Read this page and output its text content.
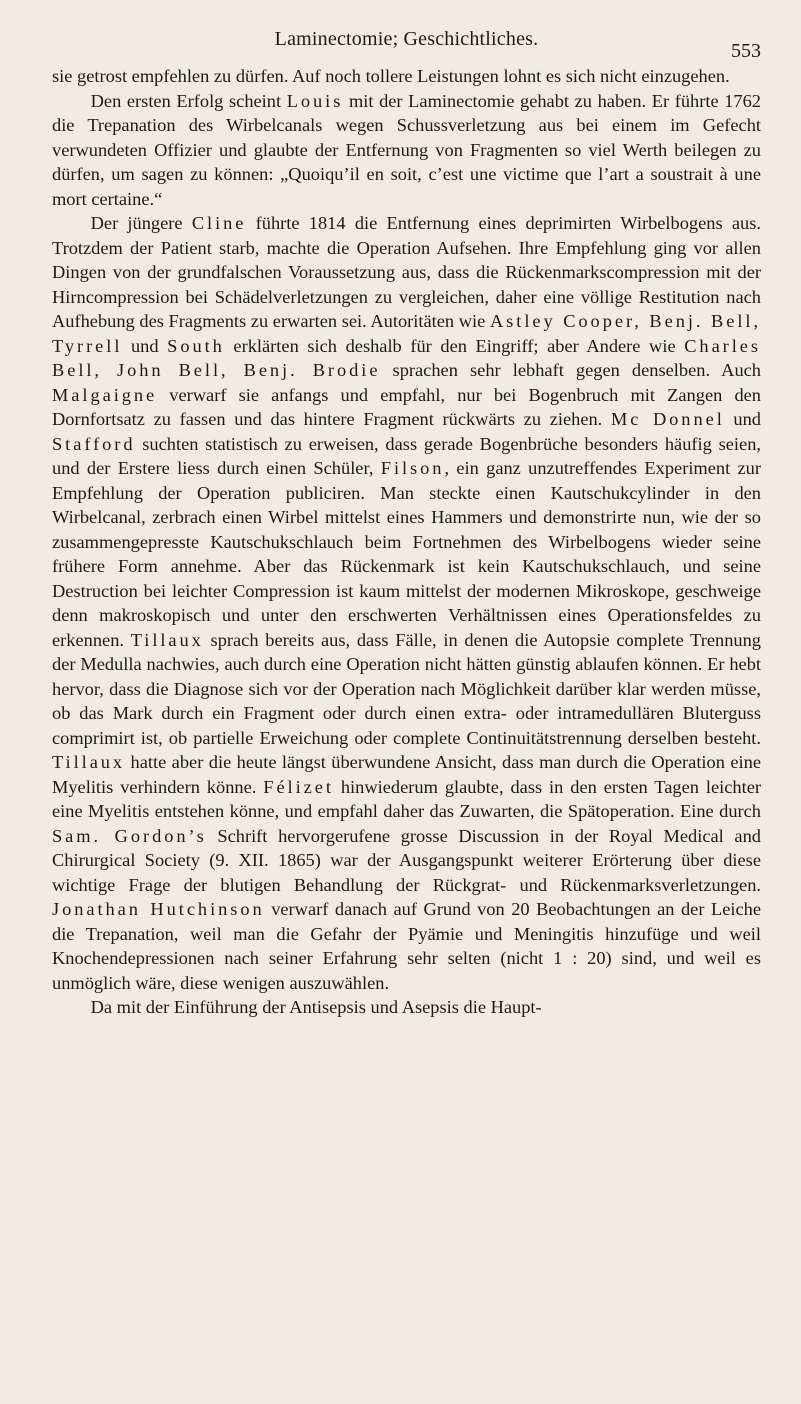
Laminectomie; Geschichtliches.
553

sie getrost empfehlen zu dürfen. Auf noch tollere Leistungen lohnt es sich nicht einzugehen.

Den ersten Erfolg scheint Louis mit der Laminectomie gehabt zu haben. Er führte 1762 die Trepanation des Wirbelcanals wegen Schussverletzung aus bei einem im Gefecht verwundeten Offizier und glaubte der Entfernung von Fragmenten so viel Werth beilegen zu dürfen, um sagen zu können: „Quoiqu’il en soit, c’est une victime que l’art a soustrait à une mort certaine.“

Der jüngere Cline führte 1814 die Entfernung eines deprimirten Wirbelbogens aus. Trotzdem der Patient starb, machte die Operation Aufsehen. Ihre Empfehlung ging vor allen Dingen von der grundfalschen Voraussetzung aus, dass die Rückenmarkscompression mit der Hirncompression bei Schädelverletzungen zu vergleichen, daher eine völlige Restitution nach Aufhebung des Fragments zu erwarten sei. Autoritäten wie Astley Cooper, Benj. Bell, Tyrrell und South erklärten sich deshalb für den Eingriff; aber Andere wie Charles Bell, John Bell, Benj. Brodie sprachen sehr lebhaft gegen denselben. Auch Malgaigne verwarf sie anfangs und empfahl, nur bei Bogenbruch mit Zangen den Dornfortsatz zu fassen und das hintere Fragment rückwärts zu ziehen. Mc Donnel und Stafford suchten statistisch zu erweisen, dass gerade Bogenbrüche besonders häufig seien, und der Erstere liess durch einen Schüler, Filson, ein ganz unzutreffendes Experiment zur Empfehlung der Operation publiciren. Man steckte einen Kautschukcylinder in den Wirbelcanal, zerbrach einen Wirbel mittelst eines Hammers und demonstrirte nun, wie der so zusammengepresste Kautschukschlauch beim Fortnehmen des Wirbelbogens wieder seine frühere Form annehme. Aber das Rückenmark ist kein Kautschukschlauch, und seine Destruction bei leichter Compression ist kaum mittelst der modernen Mikroskope, geschweige denn makroskopisch und unter den erschwerten Verhältnissen eines Operationsfeldes zu erkennen. Tillaux sprach bereits aus, dass Fälle, in denen die Autopsie complete Trennung der Medulla nachwies, auch durch eine Operation nicht hätten günstig ablaufen können. Er hebt hervor, dass die Diagnose sich vor der Operation nach Möglichkeit darüber klar werden müsse, ob das Mark durch ein Fragment oder durch einen extra- oder intramedullären Bluterguss comprimirt ist, ob partielle Erweichung oder complete Continuitätstrennung derselben besteht. Tillaux hatte aber die heute längst überwundene Ansicht, dass man durch die Operation eine Myelitis verhindern könne. Félizet hinwiederum glaubte, dass in den ersten Tagen leichter eine Myelitis entstehen könne, und empfahl daher das Zuwarten, die Spätoperation. Eine durch Sam. Gordon’s Schrift hervorgerufene grosse Discussion in der Royal Medical and Chirurgical Society (9. XII. 1865) war der Ausgangspunkt weiterer Erörterung über diese wichtige Frage der blutigen Behandlung der Rückgrat- und Rückenmarksverletzungen. Jonathan Hutchinson verwarf danach auf Grund von 20 Beobachtungen an der Leiche die Trepanation, weil man die Gefahr der Pyämie und Meningitis hinzufüge und weil Knochendepressionen nach seiner Erfahrung sehr selten (nicht 1 : 20) sind, und weil es unmöglich wäre, diese wenigen auszuwählen.

Da mit der Einführung der Antisepsis und Asepsis die Haupt-
